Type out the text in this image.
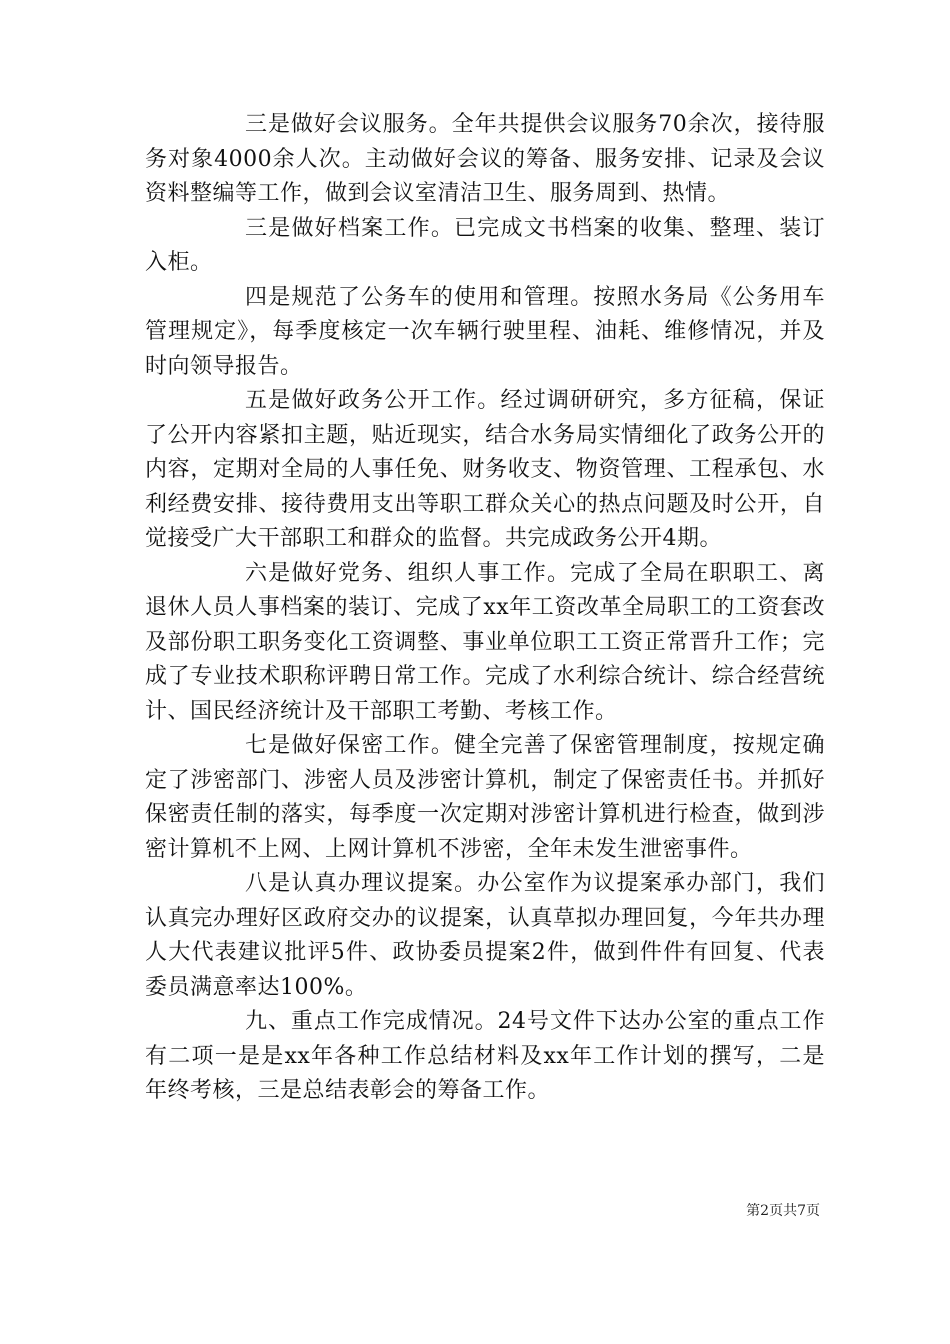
三是做好会议服务。全年共提供会议服务70余次，接待服务对象4000余人次。主动做好会议的筹备、服务安排、记录及会议资料整编等工作，做到会议室清洁卫生、服务周到、热情。

三是做好档案工作。已完成文书档案的收集、整理、装订入柜。

四是规范了公务车的使用和管理。按照水务局《公务用车管理规定》，每季度核定一次车辆行驶里程、油耗、维修情况，并及时向领导报告。

五是做好政务公开工作。经过调研研究，多方征稿，保证了公开内容紧扣主题，贴近现实，结合水务局实情细化了政务公开的内容，定期对全局的人事任免、财务收支、物资管理、工程承包、水利经费安排、接待费用支出等职工群众关心的热点问题及时公开，自觉接受广大干部职工和群众的监督。共完成政务公开4期。

六是做好党务、组织人事工作。完成了全局在职职工、离退休人员人事档案的装订、完成了xx年工资改革全局职工的工资套改及部份职工职务变化工资调整、事业单位职工工资正常晋升工作；完成了专业技术职称评聘日常工作。完成了水利综合统计、综合经营统计、国民经济统计及干部职工考勤、考核工作。

七是做好保密工作。健全完善了保密管理制度，按规定确定了涉密部门、涉密人员及涉密计算机，制定了保密责任书。并抓好保密责任制的落实，每季度一次定期对涉密计算机进行检查，做到涉密计算机不上网、上网计算机不涉密，全年未发生泄密事件。

八是认真办理议提案。办公室作为议提案承办部门，我们认真完办理好区政府交办的议提案，认真草拟办理回复，今年共办理人大代表建议批评5件、政协委员提案2件，做到件件有回复、代表委员满意率达100%。

九、重点工作完成情况。24号文件下达办公室的重点工作有二项一是是xx年各种工作总结材料及xx年工作计划的撰写，二是年终考核，三是总结表彰会的筹备工作。

第2页共7页
